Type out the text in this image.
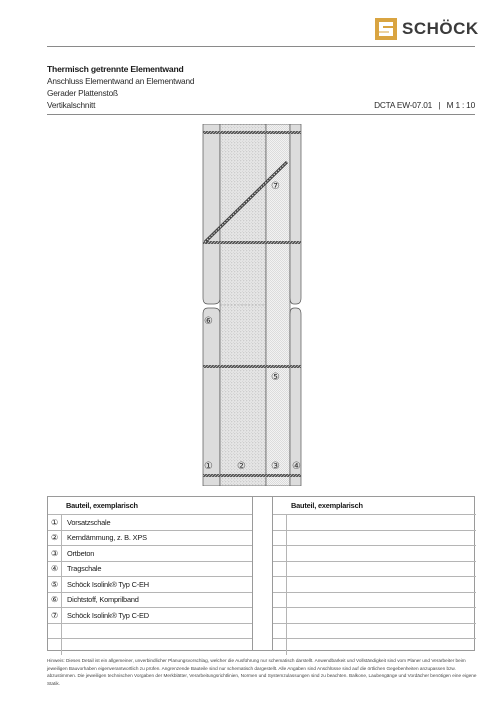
SCHÖCK
Thermisch getrennte Elementwand
Anschluss Elementwand an Elementwand
Gerader Plattenstoß
Vertikalschnitt	DCTA EW-07.01   |   M 1 : 10
⑦
⑥
⑤
① ②	③ ④
Bauteil, exemplarisch
①	Vorsatzschale
②	Kerndämmung, z. B. XPS
③	Ortbeton
④	Tragschale
⑤	Schöck Isolink® Typ C-EH
⑥	Dichtstoff, Komprilband
⑦	Schöck Isolink® Typ C-ED
Bauteil, exemplarisch
Hinweis: Dieses Detail ist ein allgemeiner, unverbindlicher Planungsvorschlag, welcher die Ausführung nur schematisch darstellt. Anwendbarkeit und Vollständigkeit sind vom Planer und Verarbeiter beim jeweiligen Bauvorhaben eigenverantwortlich zu prüfen. Angrenzende Bauteile sind nur schematisch dargestellt. Alle Angaben sind Anschlüsse sind auf die örtlichen Gegebenheiten anzupassen bzw. abzustimmen. Die jeweiligen technischen Vorgaben der Merkblätter, Verarbeitungsrichtlinien, Normen und Systemzulassungen sind zu beachten. Balkone, Laubengänge und Vordächer benötigen eine eigene Statik.
